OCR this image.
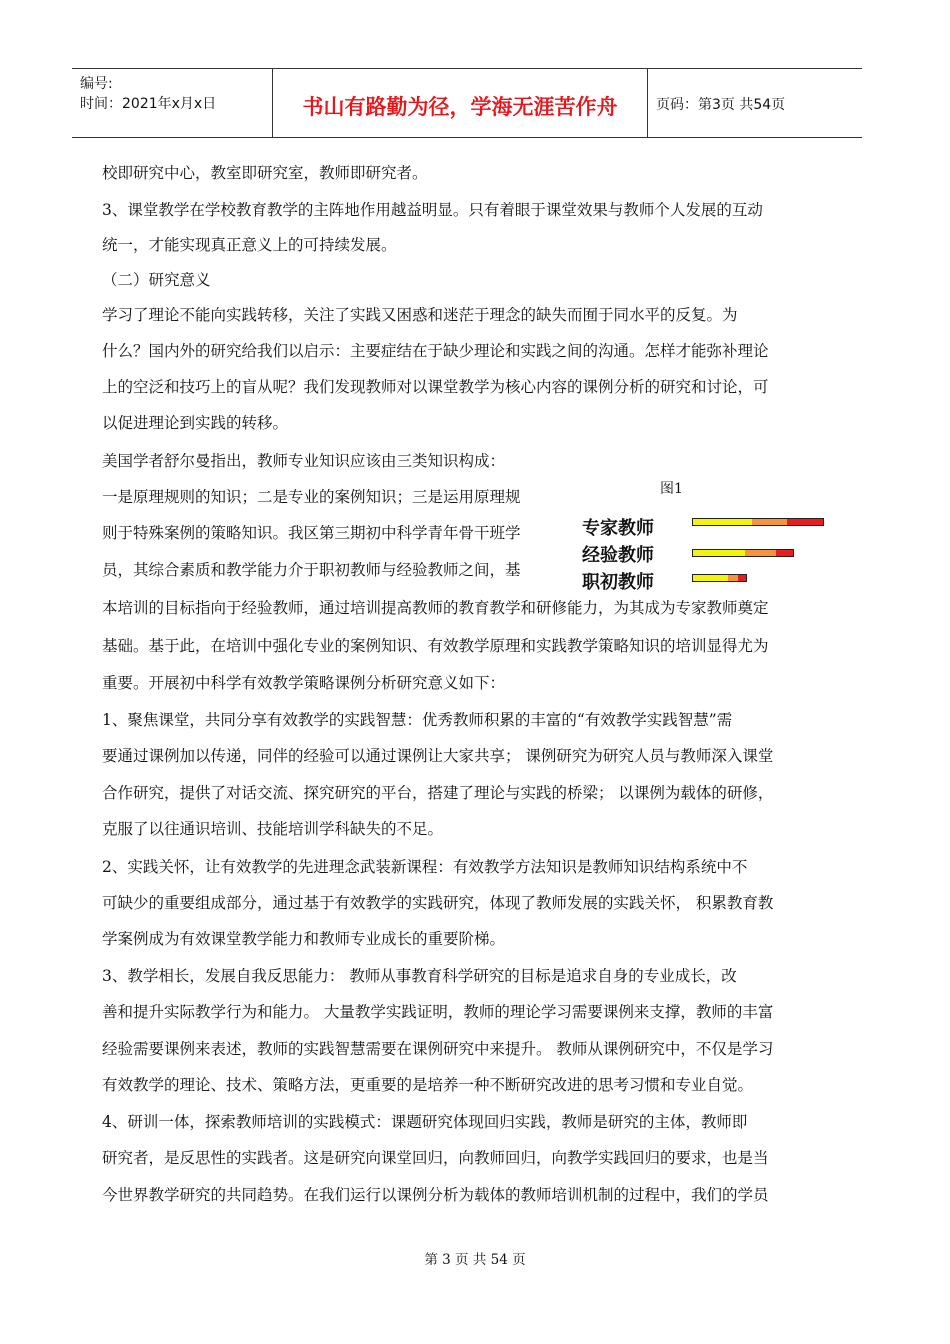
编号:
时间：2021年x月x日	书山有路勤为径，学海无涯苦作舟	页码：第3页 共54页
校即研究中心，教室即研究室，教师即研究者。
3、课堂教学在学校教育教学的主阵地作用越益明显。只有着眼于课堂效果与教师个人发展的互动
统一，才能实现真正意义上的可持续发展。
（二）研究意义
学习了理论不能向实践转移，关注了实践又困惑和迷茫于理念的缺失而囿于同水平的反复。为
什么？国内外的研究给我们以启示：主要症结在于缺少理论和实践之间的沟通。怎样才能弥补理论
上的空泛和技巧上的盲从呢？我们发现教师对以课堂教学为核心内容的课例分析的研究和讨论，可
以促进理论到实践的转移。
美国学者舒尔曼指出，教师专业知识应该由三类知识构成：
一是原理规则的知识；二是专业的案例知识；三是运用原理规
则于特殊案例的策略知识。我区第三期初中科学青年骨干班学
员，其综合素质和教学能力介于职初教师与经验教师之间，基
本培训的目标指向于经验教师，通过培训提高教师的教育教学和研修能力，为其成为专家教师奠定
基础。基于此，在培训中强化专业的案例知识、有效教学原理和实践教学策略知识的培训显得尤为
重要。开展初中科学有效教学策略课例分析研究意义如下：
1、聚焦课堂，共同分享有效教学的实践智慧：优秀教师积累的丰富的“有效教学实践智慧”需
要通过课例加以传递，同伴的经验可以通过课例让大家共享； 课例研究为研究人员与教师深入课堂
合作研究，提供了对话交流、探究研究的平台，搭建了理论与实践的桥梁； 以课例为载体的研修，
克服了以往通识培训、技能培训学科缺失的不足。
2、实践关怀，让有效教学的先进理念武装新课程：有效教学方法知识是教师知识结构系统中不
可缺少的重要组成部分，通过基于有效教学的实践研究，体现了教师发展的实践关怀， 积累教育教
学案例成为有效课堂教学能力和教师专业成长的重要阶梯。
3、教学相长，发展自我反思能力： 教师从事教育科学研究的目标是追求自身的专业成长，改
善和提升实际教学行为和能力。 大量教学实践证明，教师的理论学习需要课例来支撑，教师的丰富
经验需要课例来表述，教师的实践智慧需要在课例研究中来提升。 教师从课例研究中，不仅是学习
有效教学的理论、技术、策略方法，更重要的是培养一种不断研究改进的思考习惯和专业自觉。
4、研训一体，探索教师培训的实践模式：课题研究体现回归实践，教师是研究的主体，教师即
研究者，是反思性的实践者。这是研究向课堂回归，向教师回归，向教学实践回归的要求，也是当
今世界教学研究的共同趋势。在我们运行以课例分析为载体的教师培训机制的过程中，我们的学员
图1
专家教师
经验教师
职初教师
第 3 页 共 54 页
